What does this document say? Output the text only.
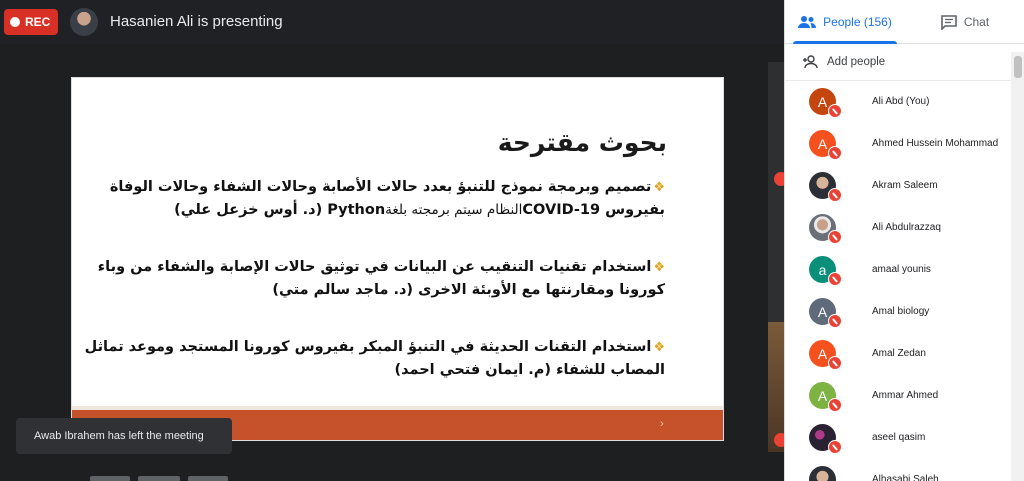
REC	Hasanien Ali is presenting
بحوث مقترحة
❖تصميم وبرمجة نموذج للتنبؤ بعدد حالات الأصابة وحالات الشفاء وحالات الوفاة
بفيروس COVID-19النظام سيتم برمجته بلغةPython (د. أوس خزعل علي)
❖استخدام تقنيات التنقيب عن البيانات في توثيق حالات الإصابة والشفاء من وباء
كورونا ومقارنتها مع الأوبئة الاخرى (د. ماجد سالم متي)
❖استخدام التقنات الحديثة في التنبؤ المبكر بفيروس كورونا المستجد وموعد تماثل
المصاب للشفاء (م. ايمان فتحي احمد)
›
Awab Ibrahem has left the meeting
People (156)	Chat
Add people
A	Ali Abd (You)
A	Ahmed Hussein Mohammad
Akram Saleem
Ali Abdulrazzaq
a	amaal younis
A	Amal biology
A	Amal Zedan
A	Ammar Ahmed
aseel qasim
Alhasabi Saleh
